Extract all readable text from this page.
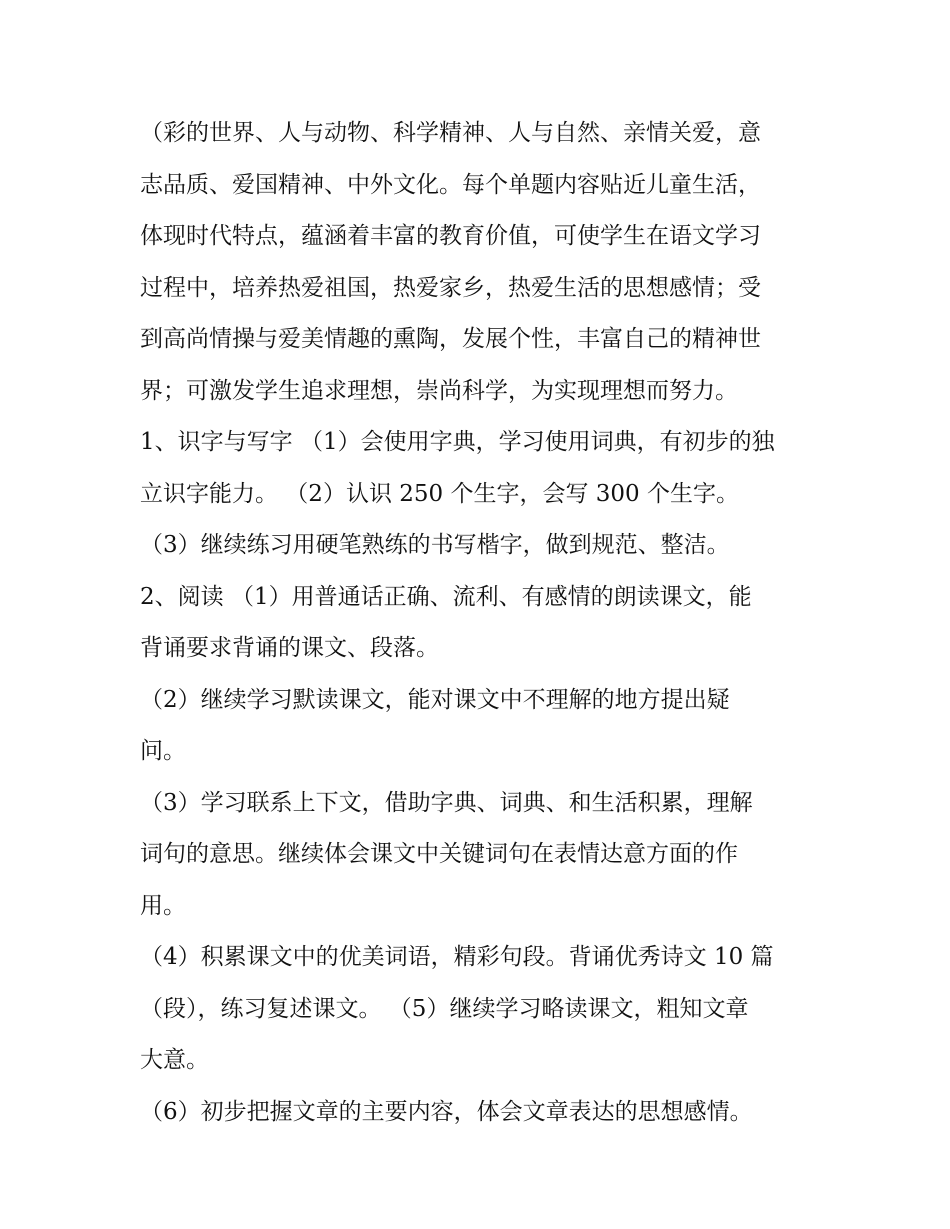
（彩的世界、人与动物、科学精神、人与自然、亲情关爱，意
志品质、爱国精神、中外文化。每个单题内容贴近儿童生活，
体现时代特点，蕴涵着丰富的教育价值，可使学生在语文学习
过程中，培养热爱祖国，热爱家乡，热爱生活的思想感情；受
到高尚情操与爱美情趣的熏陶，发展个性，丰富自己的精神世
界；可激发学生追求理想，崇尚科学，为实现理想而努力。
1、识字与写字 （1）会使用字典，学习使用词典，有初步的独
立识字能力。 （2）认识 250 个生字，会写 300 个生字。
（3）继续练习用硬笔熟练的书写楷字，做到规范、整洁。
2、阅读 （1）用普通话正确、流利、有感情的朗读课文，能
背诵要求背诵的课文、段落。
（2）继续学习默读课文，能对课文中不理解的地方提出疑
问。
（3）学习联系上下文，借助字典、词典、和生活积累，理解
词句的意思。继续体会课文中关键词句在表情达意方面的作
用。
（4）积累课文中的优美词语，精彩句段。背诵优秀诗文 10 篇
（段），练习复述课文。 （5）继续学习略读课文，粗知文章
大意。
（6）初步把握文章的主要内容，体会文章表达的思想感情。
